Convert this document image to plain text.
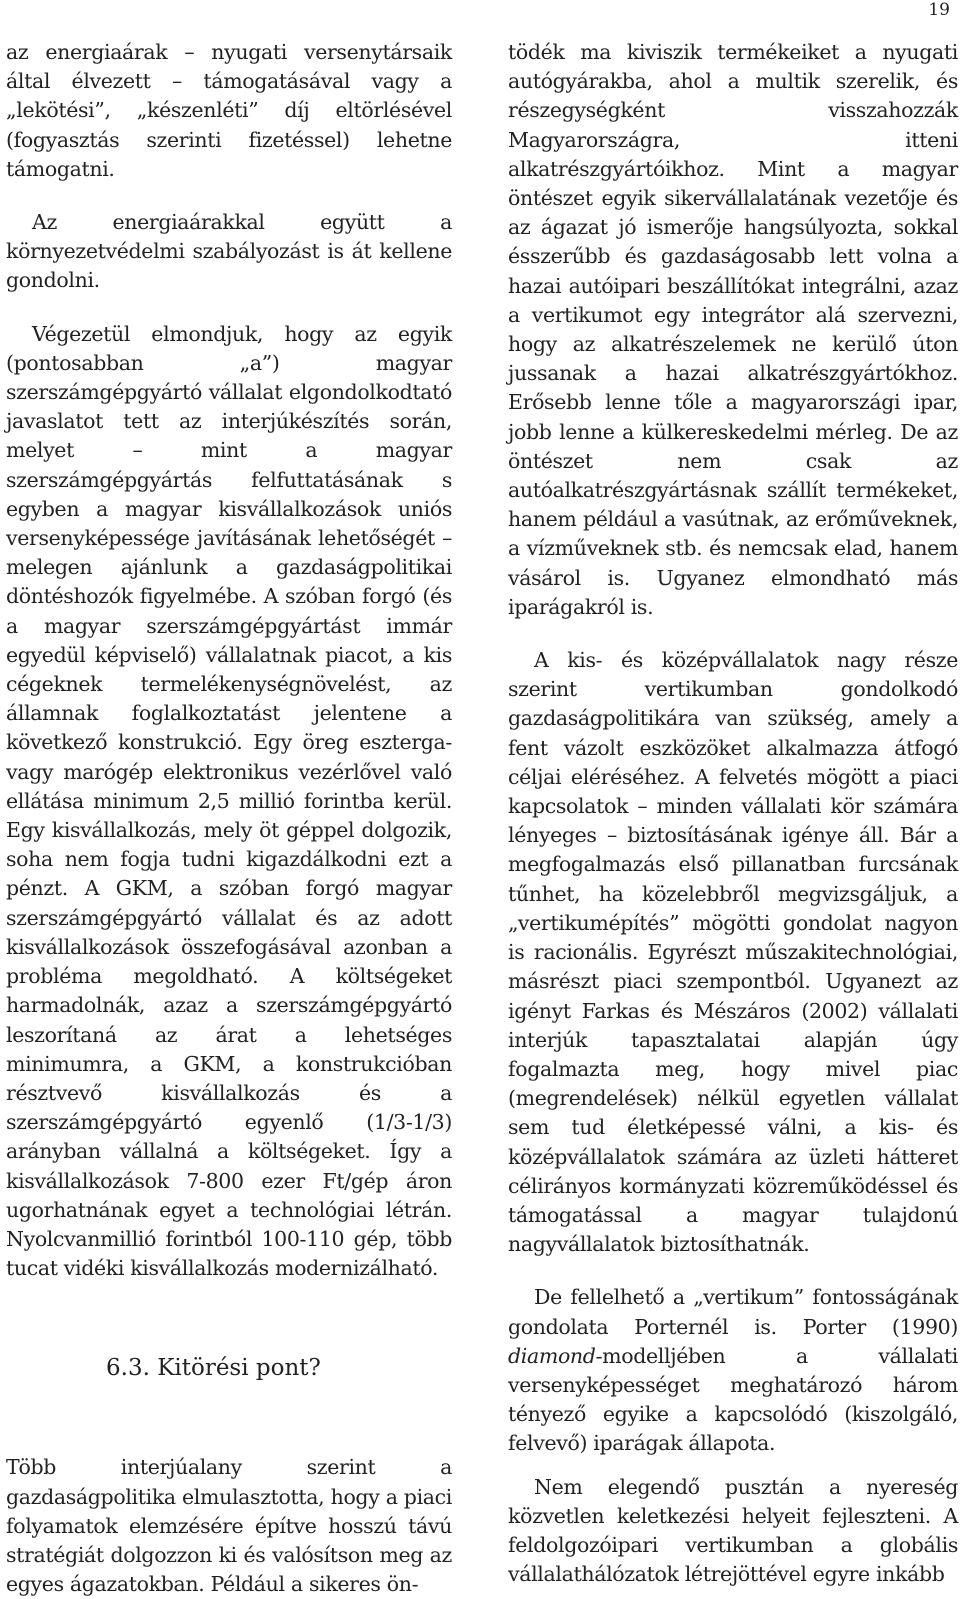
19

az energiaárak – nyugati versenytársaik által élvezett – támogatásával vagy a „lekötési”, „készenléti” díj eltörlésével (fogyasztás szerinti fizetéssel) lehetne támogatni.

Az energiaárakkal együtt a környezetvédelmi szabályozást is át kellene gondolni.

Végezetül elmondjuk, hogy az egyik (pontosabban „a”) magyar szerszámgépgyártó vállalat elgondolkodtató javaslatot tett az interjúkészítés során, melyet – mint a magyar szerszámgépgyártás felfuttatásának s egyben a magyar kisvállalkozások uniós versenyképessége javításának lehetőségét – melegen ajánlunk a gazdaságpolitikai döntéshozók figyelmébe. A szóban forgó (és a magyar szerszámgépgyártást immár egyedül képviselő) vállalatnak piacot, a kis cégeknek termelékenységnövelést, az államnak foglalkoztatást jelentene a következő konstrukció. Egy öreg eszterga- vagy marógép elektronikus vezérlővel való ellátása minimum 2,5 millió forintba kerül. Egy kisvállalkozás, mely öt géppel dolgozik, soha nem fogja tudni kigazdálkodni ezt a pénzt. A GKM, a szóban forgó magyar szerszámgépgyártó vállalat és az adott kisvállalkozások összefogásával azonban a probléma megoldható. A költségeket harmadolnák, azaz a szerszámgépgyártó leszorítaná az árat a lehetséges minimumra, a GKM, a konstrukcióban résztvevő kisvállalkozás és a szerszámgépgyártó egyenlő (1/3-1/3) arányban vállalná a költségeket. Így a kisvállalkozások 7-800 ezer Ft/gép áron ugorhatnának egyet a technológiai létrán. Nyolcvanmillió forintból 100-110 gép, több tucat vidéki kisvállalkozás modernizálható.

6.3. Kitörési pont?

Több interjúalany szerint a gazdaságpolitika elmulasztotta, hogy a piaci folyamatok elemzésére építve hosszú távú stratégiát dolgozzon ki és valósítson meg az egyes ágazatokban. Például a sikeres ön-

tödék ma kiviszik termékeiket a nyugati autógyárakba, ahol a multik szerelik, és részegységként visszahozzák Magyarországra, itteni alkatrészgyártóikhoz. Mint a magyar öntészet egyik sikervállalatának vezetője és az ágazat jó ismerője hangsúlyozta, sokkal ésszerűbb és gazdaságosabb lett volna a hazai autóipari beszállítókat integrálni, azaz a vertikumot egy integrátor alá szervezni, hogy az alkatrészelemek ne kerülő úton jussanak a hazai alkatrészgyártókhoz. Erősebb lenne tőle a magyarországi ipar, jobb lenne a külkereskedelmi mérleg. De az öntészet nem csak az autóalkatrészgyártásnak szállít termékeket, hanem például a vasútnak, az erőműveknek, a vízműveknek stb. és nemcsak elad, hanem vásárol is. Ugyanez elmondható más iparágakról is.

A kis- és középvállalatok nagy része szerint vertikumban gondolkodó gazdaságpolitikára van szükség, amely a fent vázolt eszközöket alkalmazza átfogó céljai eléréséhez. A felvetés mögött a piaci kapcsolatok – minden vállalati kör számára lényeges – biztosításának igénye áll. Bár a megfogalmazás első pillanatban furcsának tűnhet, ha közelebbről megvizsgáljuk, a „vertikumépítés” mögötti gondolat nagyon is racionális. Egyrészt műszakitechnológiai, másrészt piaci szempontból. Ugyanezt az igényt Farkas és Mészáros (2002) vállalati interjúk tapasztalatai alapján úgy fogalmazta meg, hogy mivel piac (megrendelések) nélkül egyetlen vállalat sem tud életképessé válni, a kis- és középvállalatok számára az üzleti hátteret célirányos kormányzati közreműködéssel és támogatással a magyar tulajdonú nagyvállalatok biztosíthatnák.

De fellelhető a „vertikum” fontosságának gondolata Porternél is. Porter (1990) diamond-modelljében a vállalati versenyképességet meghatározó három tényező egyike a kapcsolódó (kiszolgáló, felvevő) iparágak állapota.

Nem elegendő pusztán a nyereség közvetlen keletkezési helyeit fejleszteni. A feldolgozóipari vertikumban a globális vállalathálózatok létrejöttével egyre inkább
